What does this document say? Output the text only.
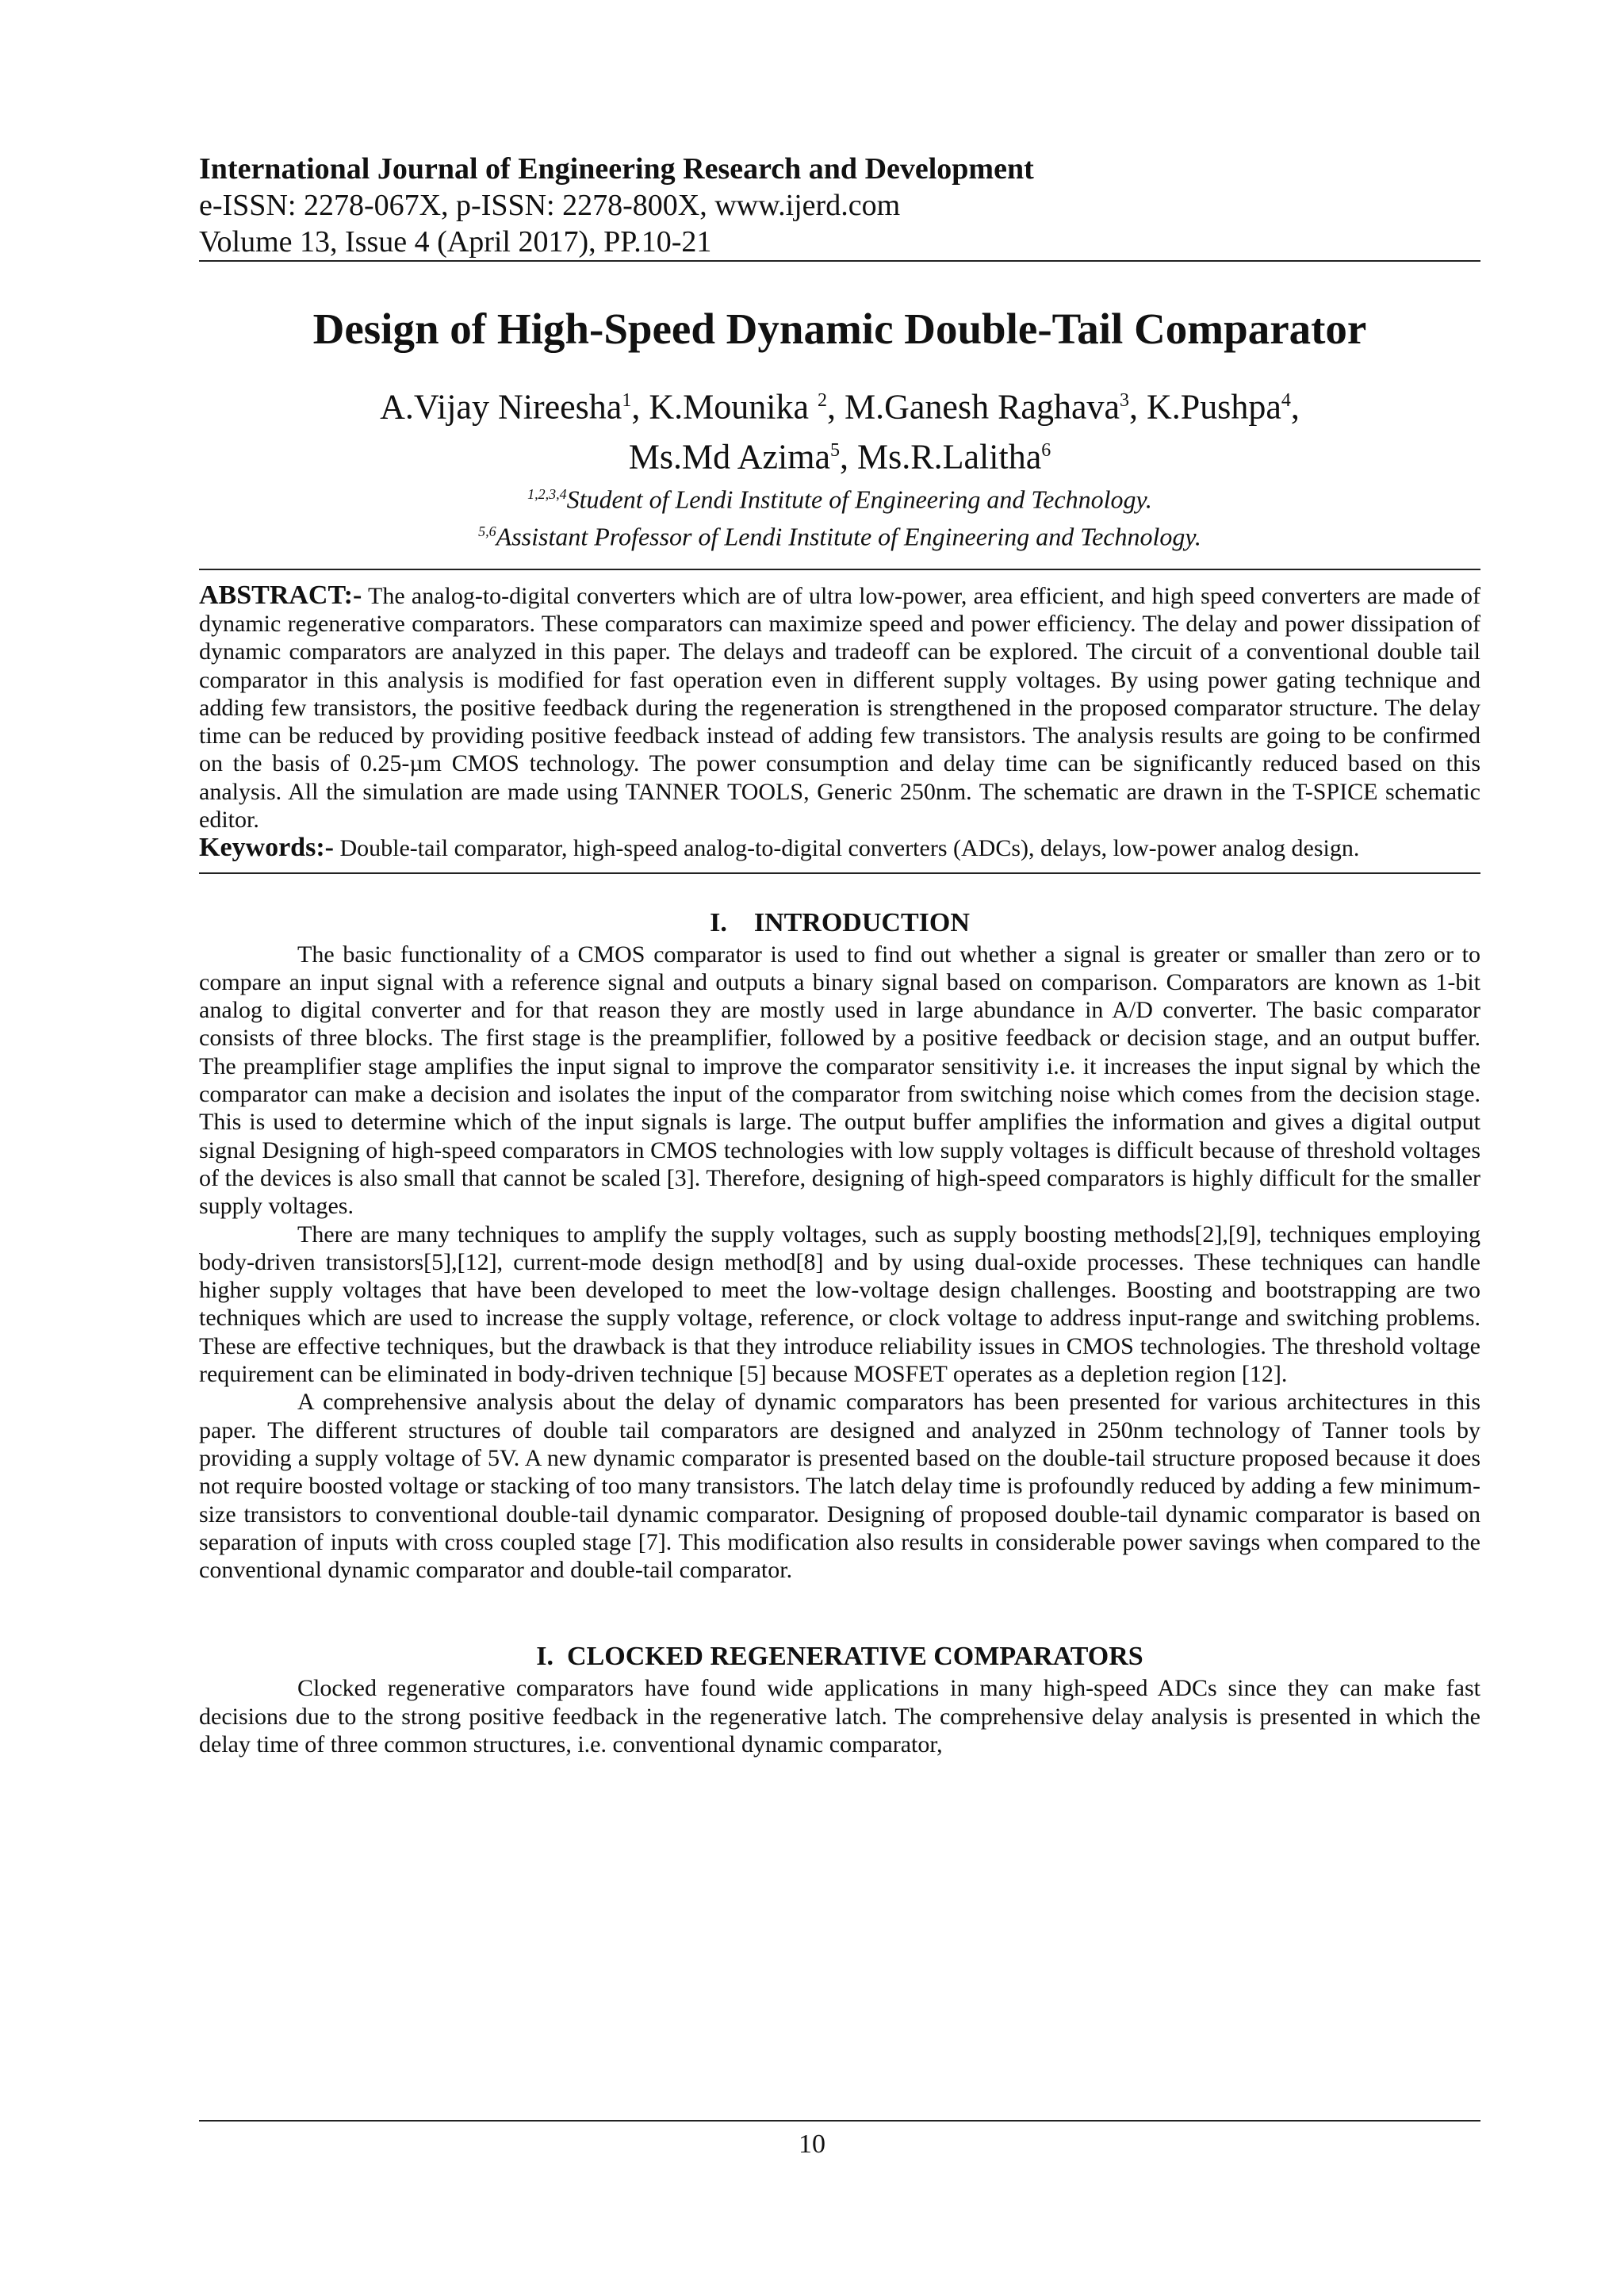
International Journal of Engineering Research and Development
e-ISSN: 2278-067X, p-ISSN: 2278-800X, www.ijerd.com
Volume 13, Issue 4 (April 2017), PP.10-21
Design of High-Speed Dynamic Double-Tail Comparator
A.Vijay Nireesha$^1$, K.Mounika $^2$, M.Ganesh Raghava$^3$, K.Pushpa$^4$,
Ms.Md Azima$^5$, Ms.R.Lalitha$^6$
$^{1,2,3,4}$Student of Lendi Institute of Engineering and Technology.
$^{5,6}$Assistant Professor of Lendi Institute of Engineering and Technology.
ABSTRACT:- The analog-to-digital converters which are of ultra low-power, area efficient, and high speed converters are made of dynamic regenerative comparators. These comparators can maximize speed and power efficiency. The delay and power dissipation of dynamic comparators are analyzed in this paper. The delays and tradeoff can be explored. The circuit of a conventional double tail comparator in this analysis is modified for fast operation even in different supply voltages. By using power gating technique and adding few transistors, the positive feedback during the regeneration is strengthened in the proposed comparator structure. The delay time can be reduced by providing positive feedback instead of adding few transistors. The analysis results are going to be confirmed on the basis of 0.25-µm CMOS technology. The power consumption and delay time can be significantly reduced based on this analysis. All the simulation are made using TANNER TOOLS, Generic 250nm. The schematic are drawn in the T-SPICE schematic editor.
Keywords:- Double-tail comparator, high-speed analog-to-digital converters (ADCs), delays, low-power analog design.
I.    INTRODUCTION

The basic functionality of a CMOS comparator is used to find out whether a signal is greater or smaller than zero or to compare an input signal with a reference signal and outputs a binary signal based on comparison. Comparators are known as 1-bit analog to digital converter and for that reason they are mostly used in large abundance in A/D converter. The basic comparator consists of three blocks. The first stage is the preamplifier, followed by a positive feedback or decision stage, and an output buffer. The preamplifier stage amplifies the input signal to improve the comparator sensitivity i.e. it increases the input signal by which the comparator can make a decision and isolates the input of the comparator from switching noise which comes from the decision stage. This is used to determine which of the input signals is large. The output buffer amplifies the information and gives a digital output signal Designing of high-speed comparators in CMOS technologies with low supply voltages is difficult because of threshold voltages of the devices is also small that cannot be scaled [3]. Therefore, designing of high-speed comparators is highly difficult for the smaller supply voltages.

There are many techniques to amplify the supply voltages, such as supply boosting methods[2],[9], techniques employing body-driven transistors[5],[12], current-mode design method[8] and by using dual-oxide processes. These techniques can handle higher supply voltages that have been developed to meet the low-voltage design challenges. Boosting and bootstrapping are two techniques which are used to increase the supply voltage, reference, or clock voltage to address input-range and switching problems. These are effective techniques, but the drawback is that they introduce reliability issues in CMOS technologies. The threshold voltage requirement can be eliminated in body-driven technique [5] because MOSFET operates as a depletion region [12].

A comprehensive analysis about the delay of dynamic comparators has been presented for various architectures in this paper. The different structures of double tail comparators are designed and analyzed in 250nm technology of Tanner tools by providing a supply voltage of 5V. A new dynamic comparator is presented based on the double-tail structure proposed because it does not require boosted voltage or stacking of too many transistors. The latch delay time is profoundly reduced by adding a few minimum-size transistors to conventional double-tail dynamic comparator. Designing of proposed double-tail dynamic comparator is based on separation of inputs with cross coupled stage [7]. This modification also results in considerable power savings when compared to the conventional dynamic comparator and double-tail comparator.

I.  CLOCKED REGENERATIVE COMPARATORS

Clocked regenerative comparators have found wide applications in many high-speed ADCs since they can make fast decisions due to the strong positive feedback in the regenerative latch. The comprehensive delay analysis is presented in which the delay time of three common structures, i.e. conventional dynamic comparator,

10
